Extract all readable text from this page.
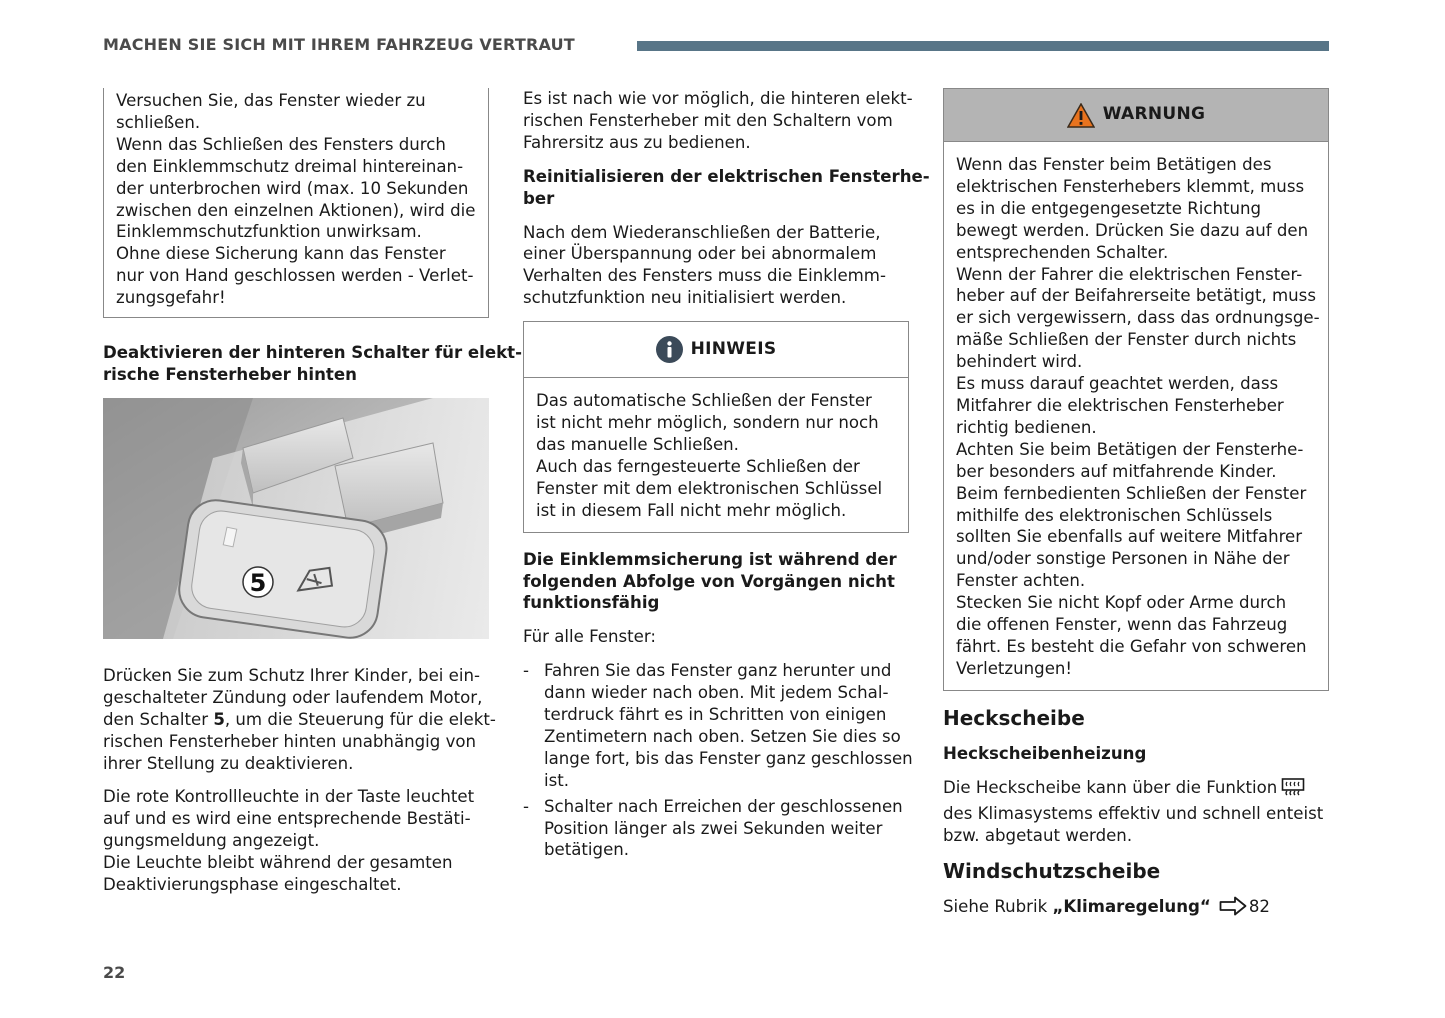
MACHEN SIE SICH MIT IHREM FAHRZEUG VERTRAUT
Versuchen Sie, das Fenster wieder zu
schließen.
Wenn das Schließen des Fensters durch
den Einklemmschutz dreimal hintereinan-
der unterbrochen wird (max. 10 Sekunden
zwischen den einzelnen Aktionen), wird die
Einklemmschutzfunktion unwirksam.
Ohne diese Sicherung kann das Fenster
nur von Hand geschlossen werden - Verlet-
zungsgefahr!

Deaktivieren der hinteren Schalter für elekt-
rische Fensterheber hinten

5

Drücken Sie zum Schutz Ihrer Kinder, bei ein-
geschalteter Zündung oder laufendem Motor,
den Schalter 5, um die Steuerung für die elekt-
rischen Fensterheber hinten unabhängig von
ihrer Stellung zu deaktivieren.

Die rote Kontrollleuchte in der Taste leuchtet
auf und es wird eine entsprechende Bestäti-
gungsmeldung angezeigt.
Die Leuchte bleibt während der gesamten
Deaktivierungsphase eingeschaltet.

Es ist nach wie vor möglich, die hinteren elekt-
rischen Fensterheber mit den Schaltern vom
Fahrersitz aus zu bedienen.

Reinitialisieren der elektrischen Fensterhe-
ber

Nach dem Wiederanschließen der Batterie,
einer Überspannung oder bei abnormalem
Verhalten des Fensters muss die Einklemm-
schutzfunktion neu initialisiert werden.

HINWEIS
Das automatische Schließen der Fenster
ist nicht mehr möglich, sondern nur noch
das manuelle Schließen.
Auch das ferngesteuerte Schließen der
Fenster mit dem elektronischen Schlüssel
ist in diesem Fall nicht mehr möglich.

Die Einklemmsicherung ist während der
folgenden Abfolge von Vorgängen nicht
funktionsfähig

Für alle Fenster:

- Fahren Sie das Fenster ganz herunter und
dann wieder nach oben. Mit jedem Schal-
terdruck fährt es in Schritten von einigen
Zentimetern nach oben. Setzen Sie dies so
lange fort, bis das Fenster ganz geschlossen
ist.
- Schalter nach Erreichen der geschlossenen
Position länger als zwei Sekunden weiter
betätigen.
WARNUNG
Wenn das Fenster beim Betätigen des
elektrischen Fensterhebers klemmt, muss
es in die entgegengesetzte Richtung
bewegt werden. Drücken Sie dazu auf den
entsprechenden Schalter.
Wenn der Fahrer die elektrischen Fenster-
heber auf der Beifahrerseite betätigt, muss
er sich vergewissern, dass das ordnungsge-
mäße Schließen der Fenster durch nichts
behindert wird.
Es muss darauf geachtet werden, dass
Mitfahrer die elektrischen Fensterheber
richtig bedienen.
Achten Sie beim Betätigen der Fensterhe-
ber besonders auf mitfahrende Kinder.
Beim fernbedienten Schließen der Fenster
mithilfe des elektronischen Schlüssels
sollten Sie ebenfalls auf weitere Mitfahrer
und/oder sonstige Personen in Nähe der
Fenster achten.
Stecken Sie nicht Kopf oder Arme durch
die offenen Fenster, wenn das Fahrzeug
fährt. Es besteht die Gefahr von schweren
Verletzungen!
Heckscheibe
Heckscheibenheizung

Die Heckscheibe kann über die Funktion
des Klimasystems effektiv und schnell enteist
bzw. abgetaut werden.

Windschutzscheibe

Siehe Rubrik „Klimaregelung“ 82

22
